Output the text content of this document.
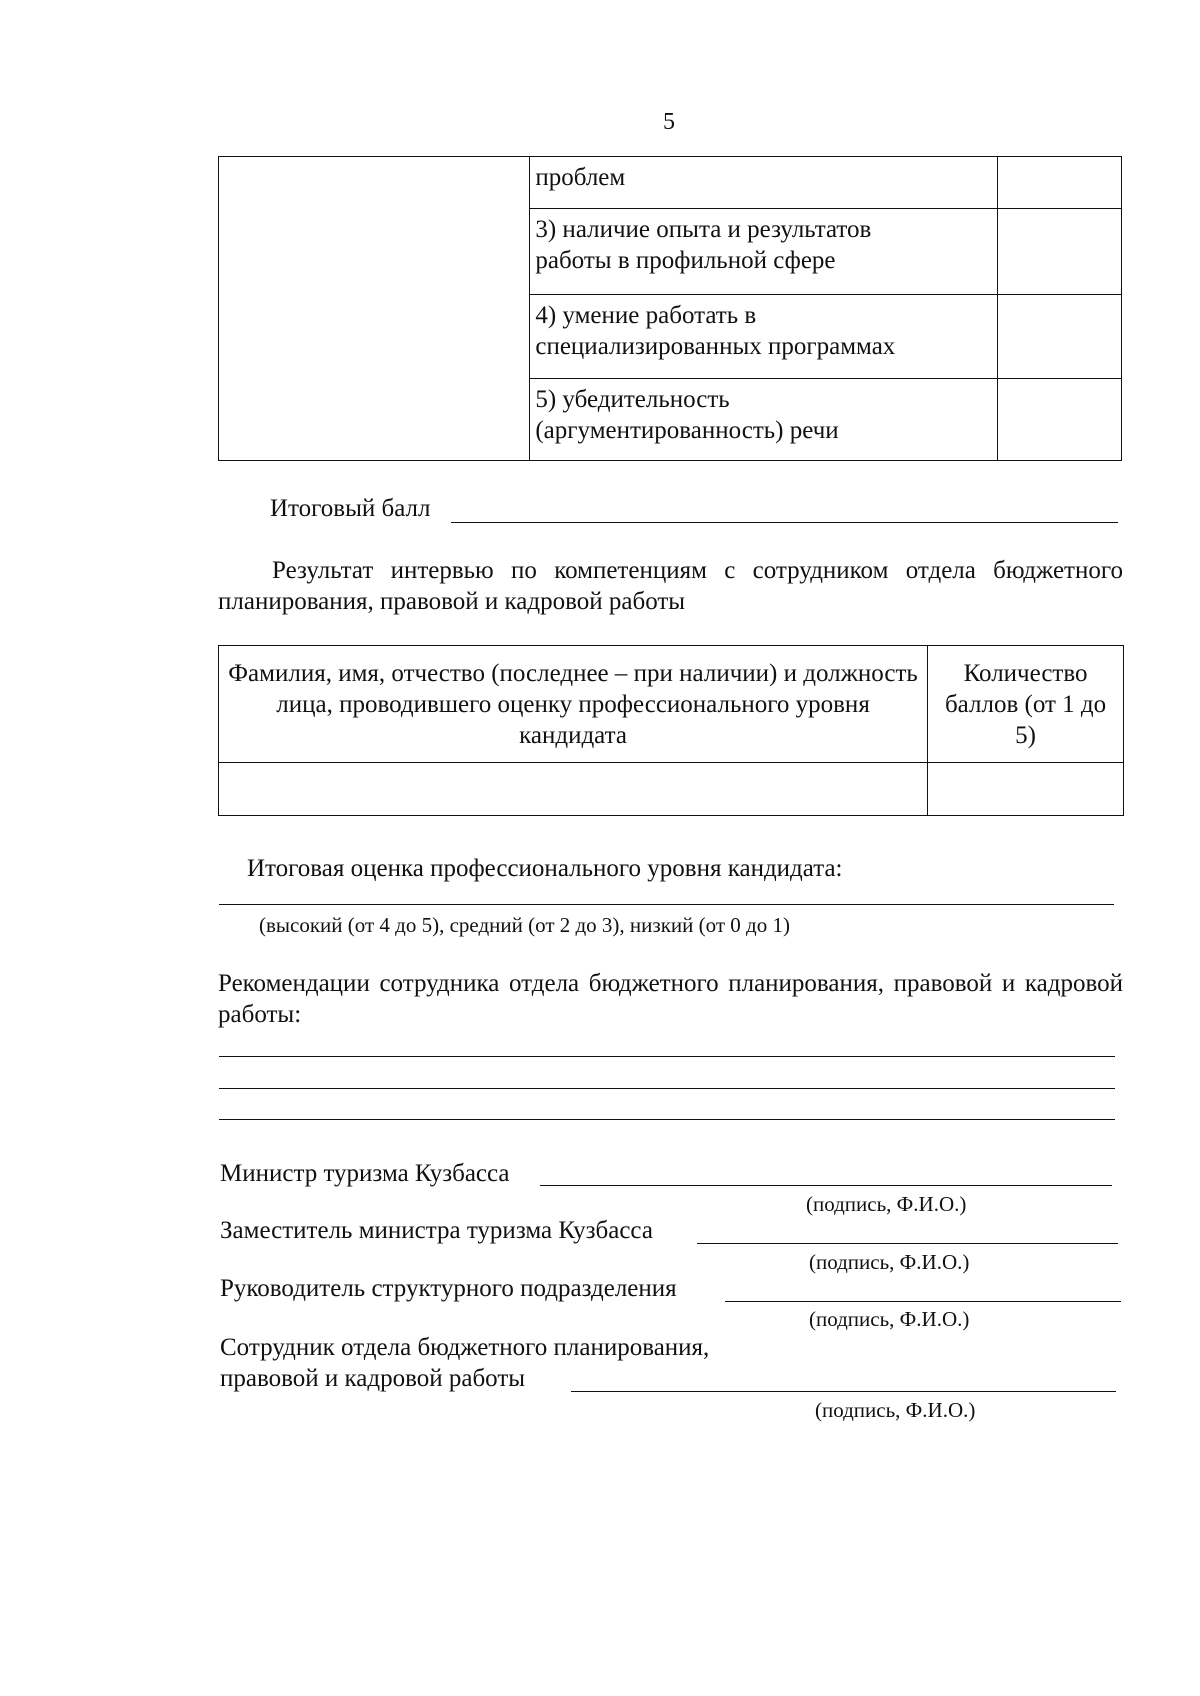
5

	проблем	

	3) наличие опыта и результатов работы в профильной сфере	

	4) умение работать в специализированных программах	

	5) убедительность (аргументированность) речи	

Итоговый балл
Результат интервью по компетенциям с сотрудником отдела бюджетного планирования, правовой и кадровой работы
Фамилия, имя, отчество (последнее – при наличии) и должность лица, проводившего оценку профессионального уровня кандидата	Количество баллов (от 1 до 5)

Итоговая оценка профессионального уровня кандидата:
(высокий (от 4 до 5), средний (от 2 до 3), низкий (от 0 до 1)
Рекомендации сотрудника отдела бюджетного планирования, правовой и кадровой работы:
Министр туризма Кузбасса
(подпись, Ф.И.О.)
Заместитель министра туризма Кузбасса
(подпись, Ф.И.О.)
Руководитель структурного подразделения
(подпись, Ф.И.О.)
Сотрудник отдела бюджетного планирования,
правовой и кадровой работы
(подпись, Ф.И.О.)
